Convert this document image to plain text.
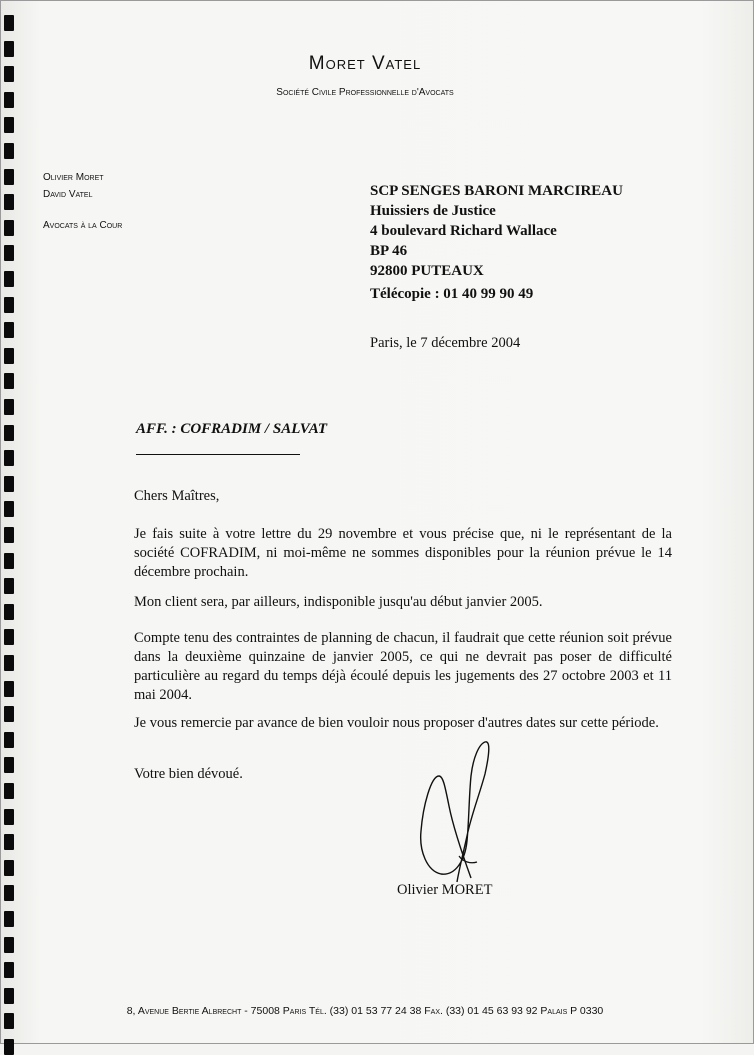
Moret Vatel
Société Civile Professionnelle d'Avocats
Olivier Moret
David Vatel
Avocats à la Cour
SCP SENGES BARONI MARCIREAU
Huissiers de Justice
4 boulevard Richard Wallace
BP 46
92800 PUTEAUX
Télécopie : 01 40 99 90 49
Paris, le 7 décembre 2004
AFF. : COFRADIM / SALVAT

Chers Maîtres,

Je fais suite à votre lettre du 29 novembre et vous précise que, ni le représentant de la société COFRADIM, ni moi-même ne sommes disponibles pour la réunion prévue le 14 décembre prochain.

Mon client sera, par ailleurs, indisponible jusqu'au début janvier 2005.

Compte tenu des contraintes de planning de chacun, il faudrait que cette réunion soit prévue dans la deuxième quinzaine de janvier 2005, ce qui ne devrait pas poser de difficulté particulière au regard du temps déjà écoulé depuis les jugements des 27 octobre 2003 et 11 mai 2004.

Je vous remercie par avance de bien vouloir nous proposer d'autres dates sur cette période.

Votre bien dévoué.

Olivier MORET
8, Avenue Bertie Albrecht - 75008 Paris Tél. (33) 01 53 77 24 38 Fax. (33) 01 45 63 93 92 Palais P 0330
